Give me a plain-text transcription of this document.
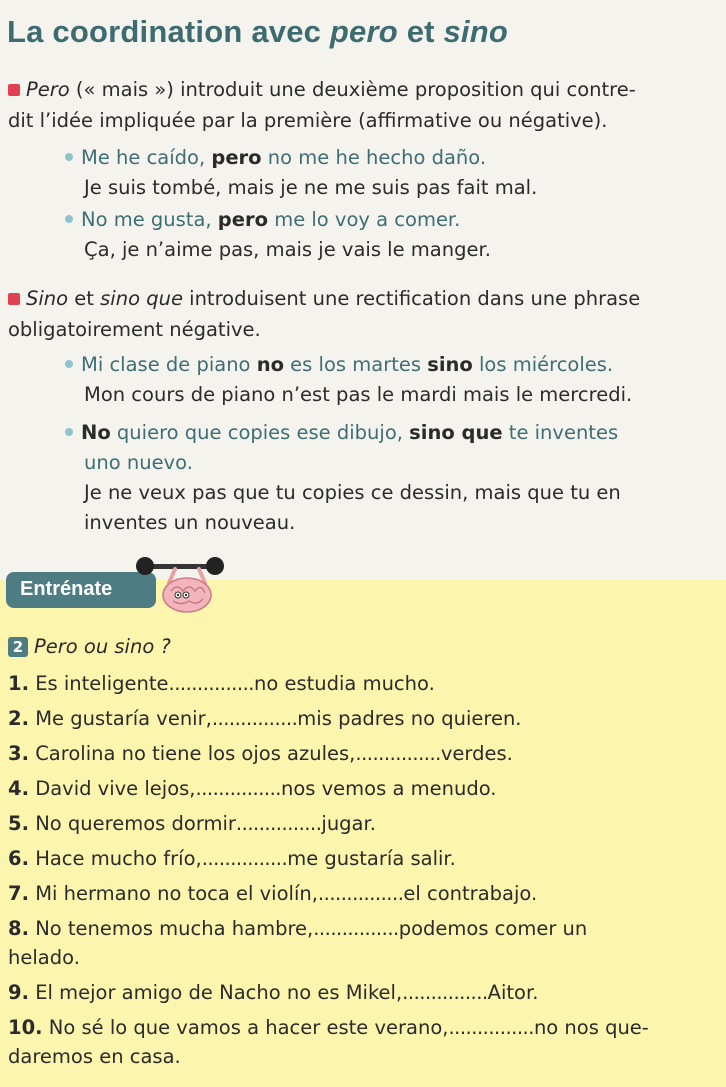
La coordination avec pero et sino
Pero (« mais ») introduit une deuxième proposition qui contre-
dit l’idée impliquée par la première (affirmative ou négative).
Me he caído, pero no me he hecho daño.
Je suis tombé, mais je ne me suis pas fait mal.
No me gusta, pero me lo voy a comer.
Ça, je n’aime pas, mais je vais le manger.
Sino et sino que introduisent une rectification dans une phrase
obligatoirement négative.
Mi clase de piano no es los martes sino los miércoles.
Mon cours de piano n’est pas le mardi mais le mercredi.
No quiero que copies ese dibujo, sino que te inventes
uno nuevo.
Je ne veux pas que tu copies ce dessin, mais que tu en
inventes un nouveau.
Entrénate
2 Pero ou sino ?
1. Es inteligente...............no estudia mucho.
2. Me gustaría venir,...............mis padres no quieren.
3. Carolina no tiene los ojos azules,...............verdes.
4. David vive lejos,...............nos vemos a menudo.
5. No queremos dormir...............jugar.
6. Hace mucho frío,...............me gustaría salir.
7. Mi hermano no toca el violín,...............el contrabajo.
8. No tenemos mucha hambre,...............podemos comer un
helado.
9. El mejor amigo de Nacho no es Mikel,...............Aitor.
10. No sé lo que vamos a hacer este verano,...............no nos que-
daremos en casa.
